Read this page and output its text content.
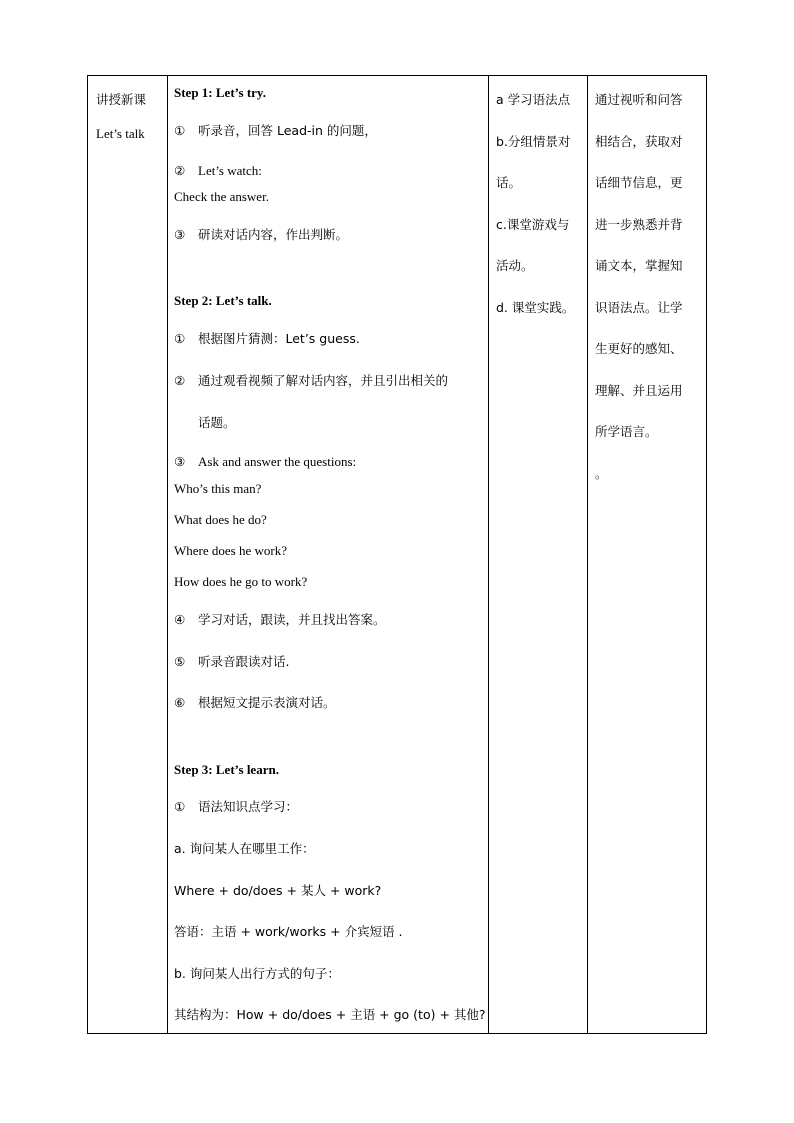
讲授新课
Let’s talk
Step 1: Let’s try.
① 听录音，回答 Lead-in 的问题，
② Let’s watch:
Check the answer.
③ 研读对话内容，作出判断。
Step 2: Let’s talk.
① 根据图片猜测：Let’s guess.
② 通过观看视频了解对话内容，并且引出相关的
话题。
③ Ask and answer the questions:
Who’s this man?
What does he do?
Where does he work?
How does he go to work?
④ 学习对话，跟读，并且找出答案。
⑤ 听录音跟读对话.
⑥ 根据短文提示表演对话。
Step 3: Let’s learn.
① 语法知识点学习：
a. 询问某人在哪里工作：
Where + do/does + 某人 + work?
答语：主语 + work/works + 介宾短语 .
b. 询问某人出行方式的句子：
其结构为：How + do/does + 主语 + go (to) + 其他?
a 学习语法点
b.分组情景对
话。
c.课堂游戏与
活动。
d. 课堂实践。
通过视听和问答
相结合，获取对
话细节信息，更
进一步熟悉并背
诵文本，掌握知
识语法点。让学
生更好的感知、
理解、并且运用
所学语言。
。
